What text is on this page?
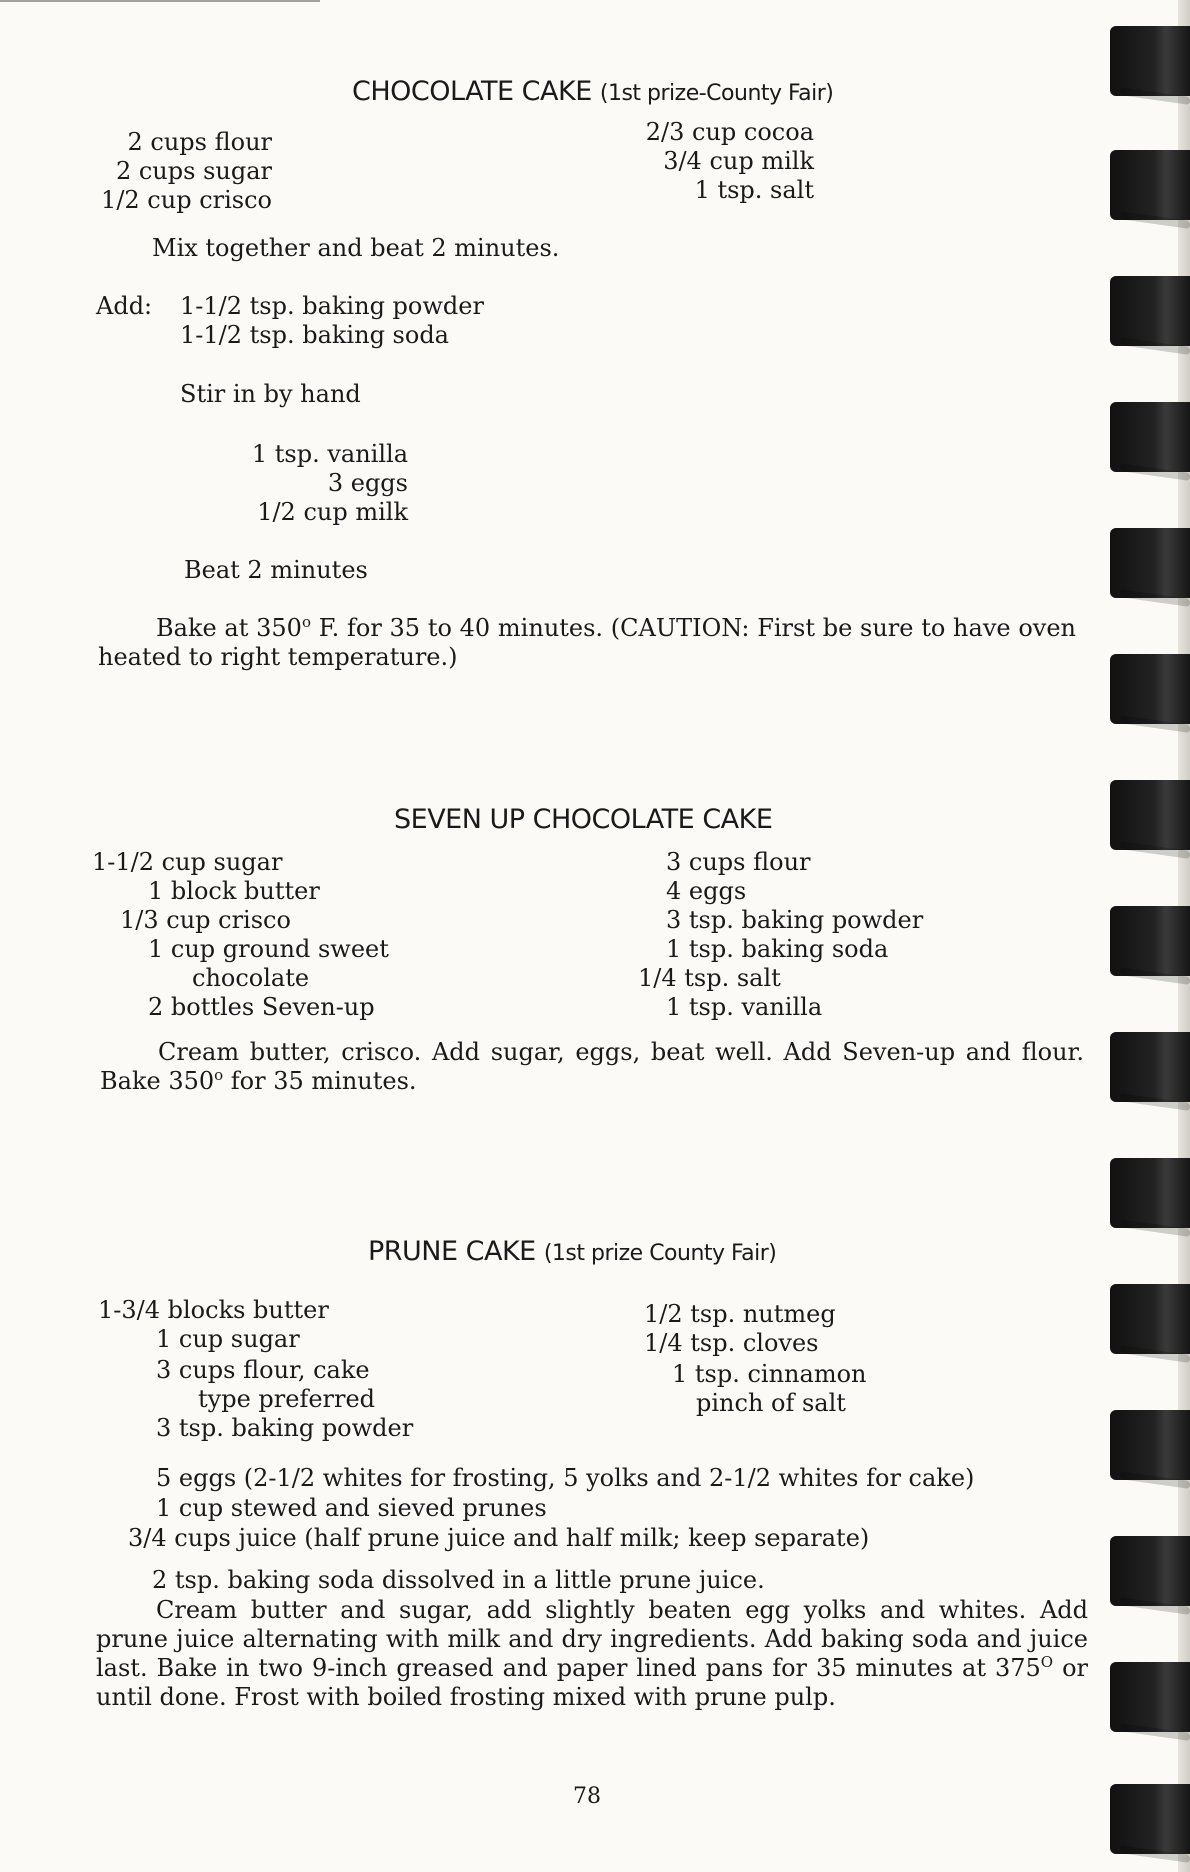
CHOCOLATE CAKE (1st prize-County Fair)
2 cups flour
2 cups sugar
1/2 cup crisco
2/3 cup cocoa
3/4 cup milk
1 tsp. salt
Mix together and beat 2 minutes.
Add: 1-1/2 tsp. baking powder
1-1/2 tsp. baking soda
Stir in by hand
1 tsp. vanilla
3 eggs
1/2 cup milk
Beat 2 minutes
Bake at 350$^o$ F. for 35 to 40 minutes. (CAUTION: First be sure to have oven heated to right temperature.)
SEVEN UP CHOCOLATE CAKE
1-1/2 cup sugar
1 block butter
1/3 cup crisco
1 cup ground sweet
chocolate
2 bottles Seven-up
3 cups flour
4 eggs
3 tsp. baking powder
1 tsp. baking soda
1/4 tsp. salt
1 tsp. vanilla
Cream butter, crisco. Add sugar, eggs, beat well. Add Seven-up and flour. Bake 350$^o$ for 35 minutes.
PRUNE CAKE (1st prize County Fair)
1-3/4 blocks butter
1 cup sugar
3 cups flour, cake
type preferred
3 tsp. baking powder
1/2 tsp. nutmeg
1/4 tsp. cloves
1 tsp. cinnamon
pinch of salt
5 eggs (2-1/2 whites for frosting, 5 yolks and 2-1/2 whites for cake)
1 cup stewed and sieved prunes
3/4 cups juice (half prune juice and half milk; keep separate)
2 tsp. baking soda dissolved in a little prune juice.
Cream butter and sugar, add slightly beaten egg yolks and whites. Add prune juice alternating with milk and dry ingredients. Add baking soda and juice last. Bake in two 9-inch greased and paper lined pans for 35 minutes at $375^O$ or until done. Frost with boiled frosting mixed with prune pulp.
78
